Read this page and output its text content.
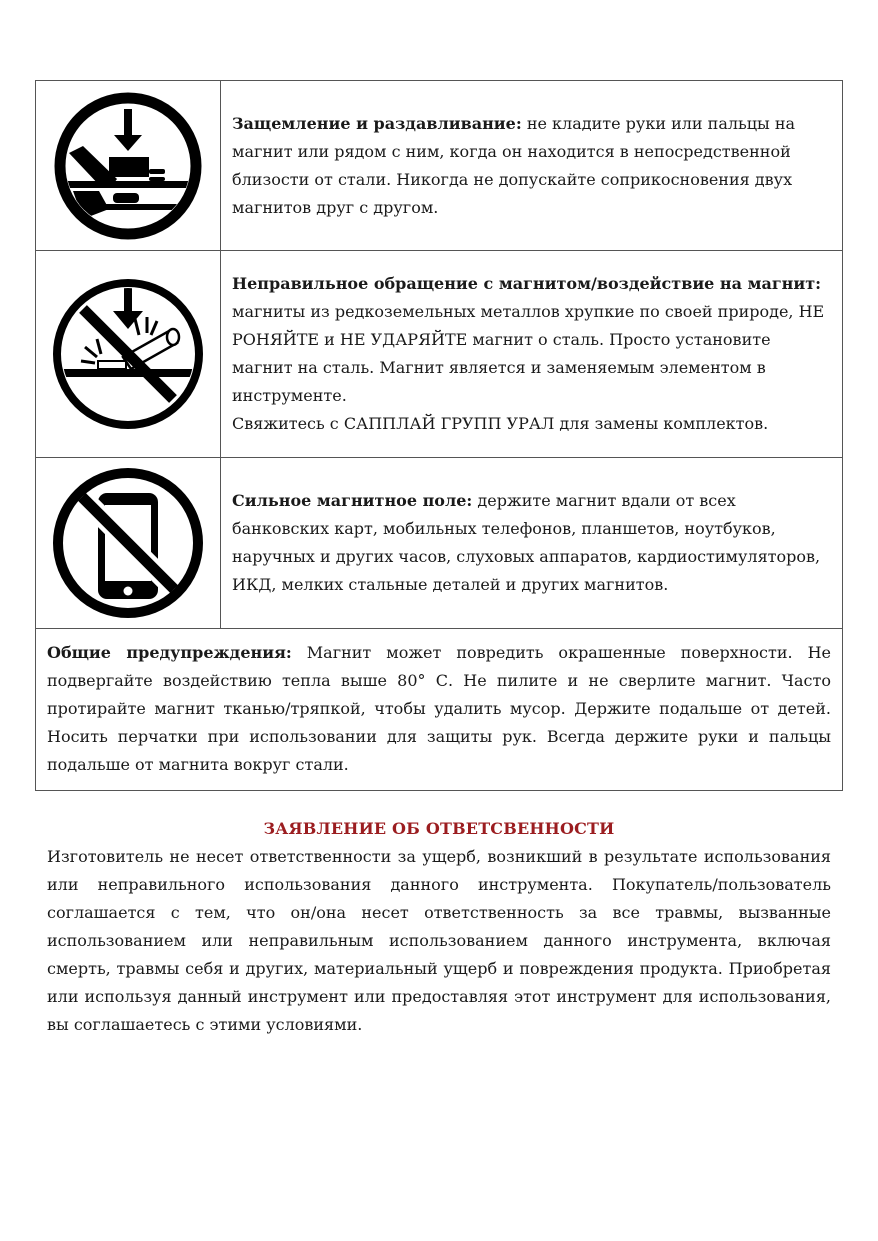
	Защемление и раздавливание: не кладите руки или пальцы на магнит или рядом с ним, когда он находится в непосредственной близости от стали. Никогда не допускайте соприкосновения двух магнитов друг с другом.

	Неправильное обращение с магнитом/воздействие на магнит:
магниты из редкоземельных металлов хрупкие по своей природе, НЕ РОНЯЙТЕ и НЕ УДАРЯЙТЕ магнит о сталь. Просто установите магнит на сталь. Магнит является и заменяемым элементом в инструменте.
Свяжитесь с САППЛАЙ ГРУПП УРАЛ для замены комплектов.

	Сильное магнитное поле: держите магнит вдали от всех банковских карт, мобильных телефонов, планшетов, ноутбуков, наручных и других часов, слуховых аппаратов, кардиостимуляторов, ИКД, мелких стальные деталей и других магнитов.
Общие предупреждения: Магнит может повредить окрашенные поверхности. Не подвергайте воздействию тепла выше 80° С. Не пилите и не сверлите магнит. Часто протирайте магнит тканью/тряпкой, чтобы удалить мусор. Держите подальше от детей. Носить перчатки при использовании для защиты рук. Всегда держите руки и пальцы подальше от магнита вокруг стали.	
ЗАЯВЛЕНИЕ ОБ ОТВЕТСВЕННОСТИ

Изготовитель не несет ответственности за ущерб, возникший в результате использования или неправильного использования данного инструмента. Покупатель/пользователь соглашается с тем, что он/она несет ответственность за все травмы, вызванные использованием или неправильным использованием данного инструмента, включая смерть, травмы себя и других, материальный ущерб и повреждения продукта. Приобретая или используя данный инструмент или предоставляя этот инструмент для использования, вы соглашаетесь с этими условиями.
